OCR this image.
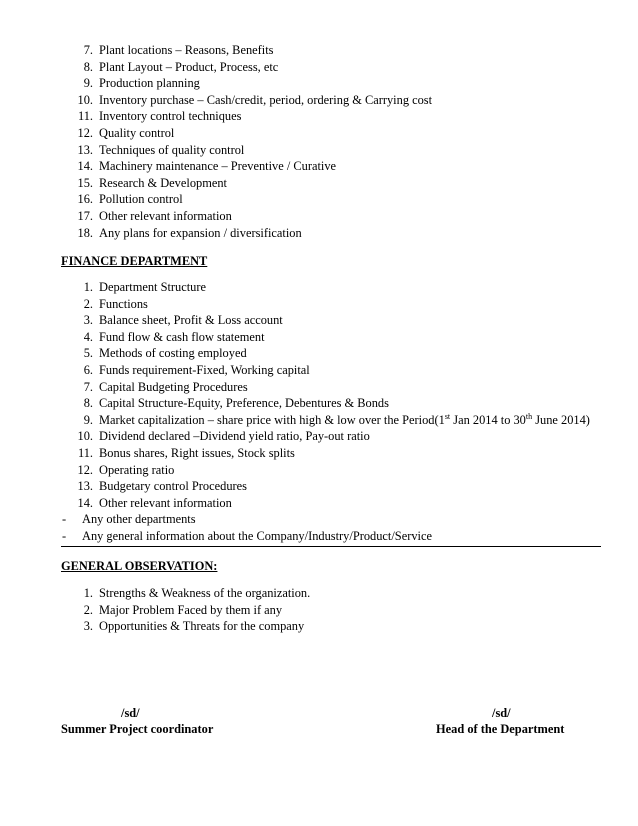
7. Plant locations – Reasons, Benefits
8. Plant Layout – Product, Process, etc
9. Production planning
10. Inventory purchase – Cash/credit, period, ordering & Carrying cost
11. Inventory control techniques
12. Quality control
13. Techniques of quality control
14. Machinery maintenance – Preventive / Curative
15. Research & Development
16. Pollution control
17. Other relevant information
18. Any plans for expansion / diversification
FINANCE DEPARTMENT
1. Department Structure
2. Functions
3. Balance sheet, Profit & Loss account
4. Fund flow & cash flow statement
5. Methods of costing employed
6. Funds requirement-Fixed, Working capital
7. Capital Budgeting Procedures
8. Capital Structure-Equity, Preference, Debentures & Bonds
9. Market capitalization – share price with high & low over the Period(1st Jan 2014 to 30th June 2014)
10. Dividend declared –Dividend yield ratio, Pay-out ratio
11. Bonus shares, Right issues, Stock splits
12. Operating ratio
13. Budgetary control Procedures
14. Other relevant information
- Any other departments
- Any general information about the Company/Industry/Product/Service
GENERAL OBSERVATION:
1. Strengths & Weakness of the organization.
2. Major Problem Faced by them if any
3. Opportunities & Threats for the company
/sd/
Summer Project coordinator
/sd/
Head of the Department
